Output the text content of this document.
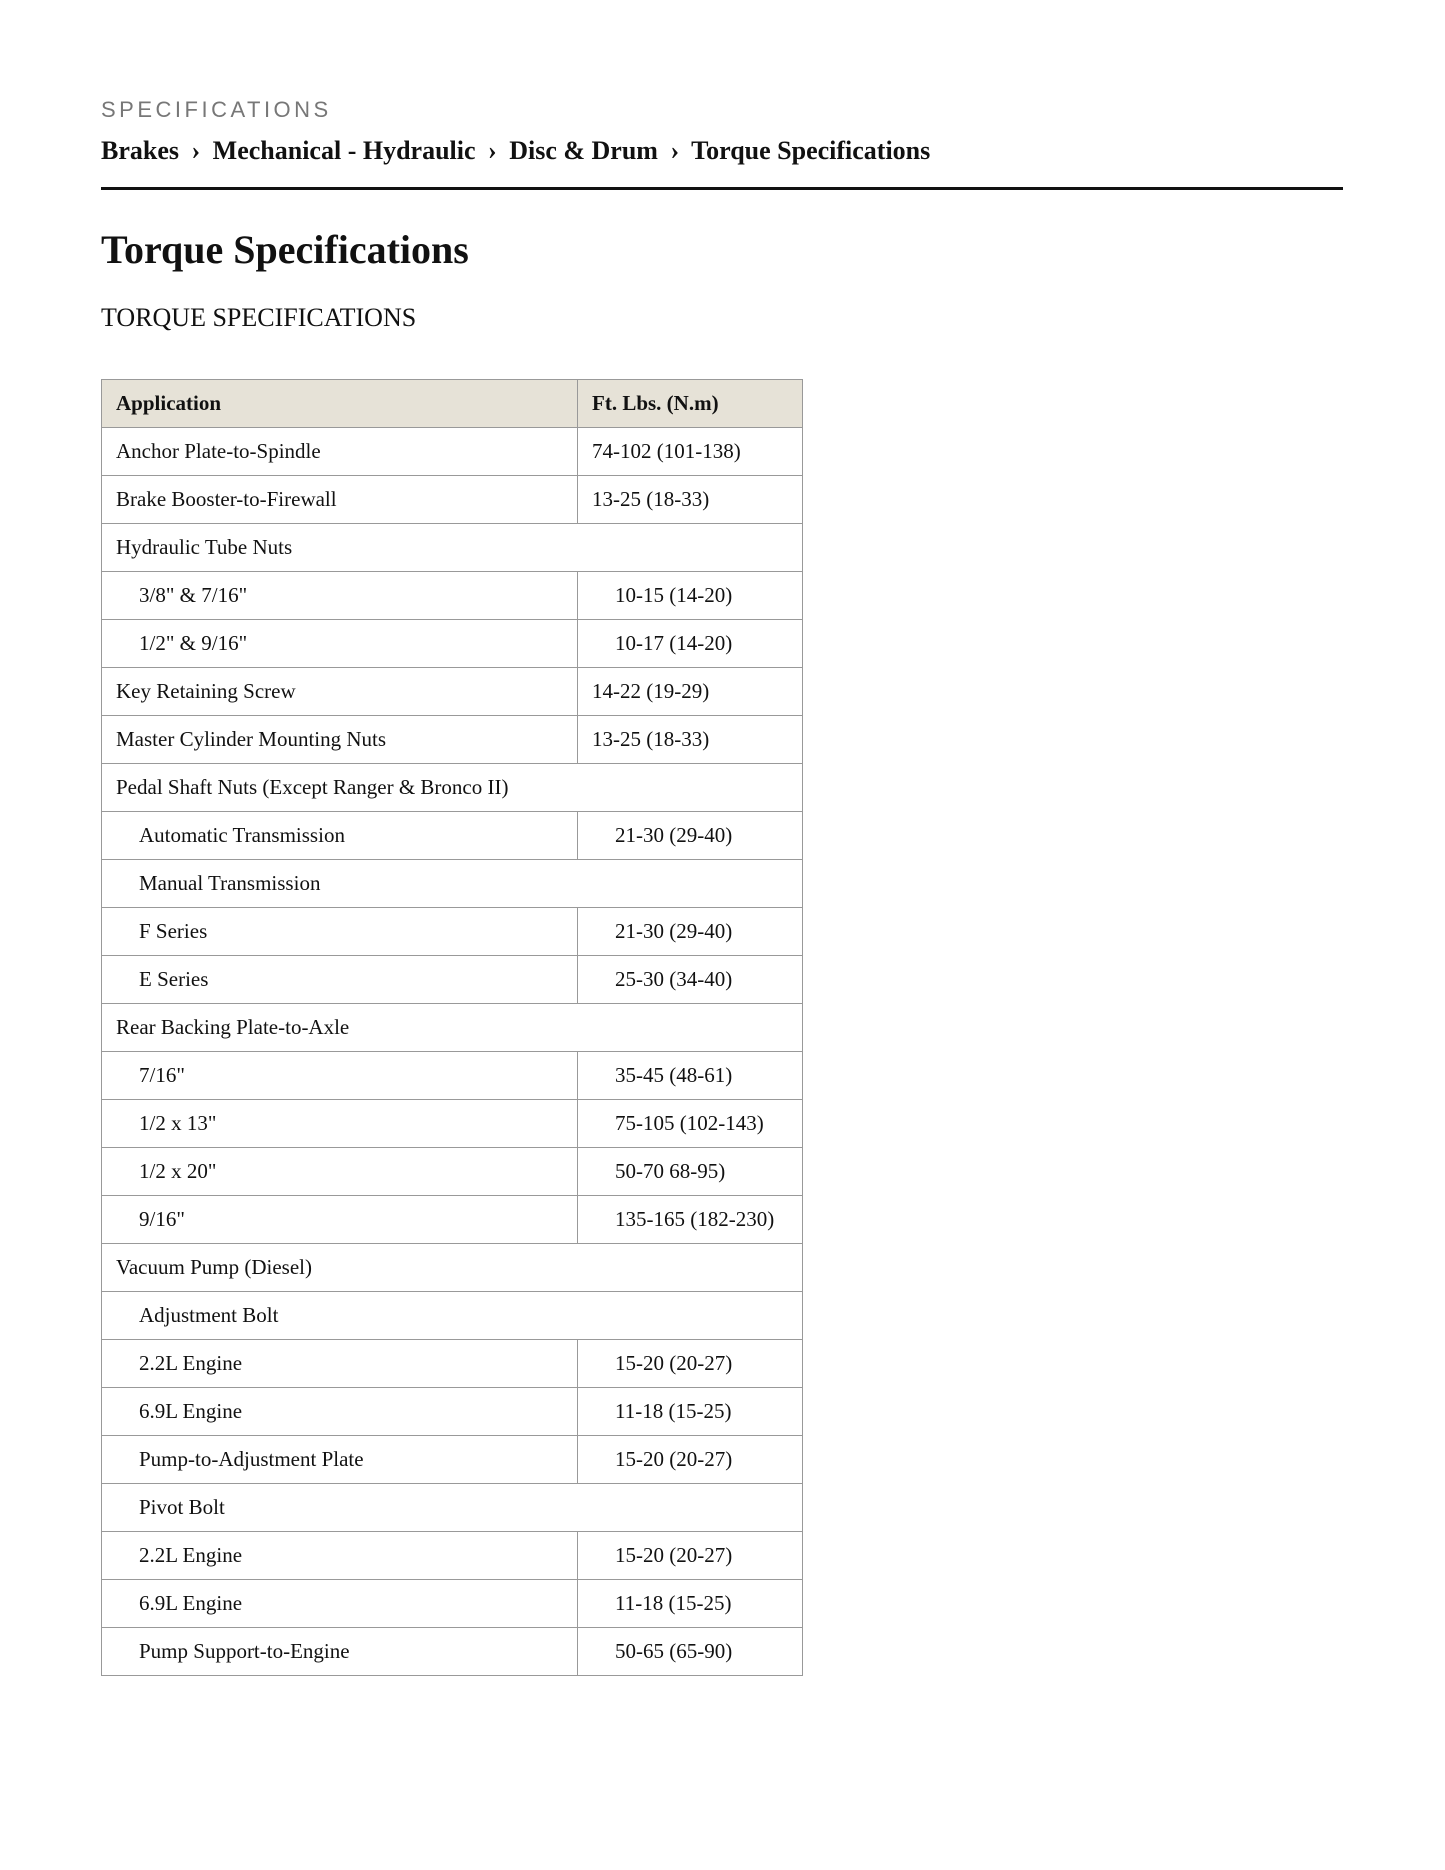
SPECIFICATIONS
Brakes › Mechanical - Hydraulic › Disc & Drum › Torque Specifications
Torque Specifications
TORQUE SPECIFICATIONS
Application	Ft. Lbs. (N.m)
Anchor Plate-to-Spindle	74-102 (101-138)
Brake Booster-to-Firewall	13-25 (18-33)
Hydraulic Tube Nuts	
3/8" & 7/16"	10-15 (14-20)
1/2" & 9/16"	10-17 (14-20)
Key Retaining Screw	14-22 (19-29)
Master Cylinder Mounting Nuts	13-25 (18-33)
Pedal Shaft Nuts (Except Ranger & Bronco II)	
Automatic Transmission	21-30 (29-40)
Manual Transmission	
F Series	21-30 (29-40)
E Series	25-30 (34-40)
Rear Backing Plate-to-Axle	
7/16"	35-45 (48-61)
1/2 x 13"	75-105 (102-143)
1/2 x 20"	50-70 68-95)
9/16"	135-165 (182-230)
Vacuum Pump (Diesel)	
Adjustment Bolt	
2.2L Engine	15-20 (20-27)
6.9L Engine	11-18 (15-25)
Pump-to-Adjustment Plate	15-20 (20-27)
Pivot Bolt	
2.2L Engine	15-20 (20-27)
6.9L Engine	11-18 (15-25)
Pump Support-to-Engine	50-65 (65-90)
